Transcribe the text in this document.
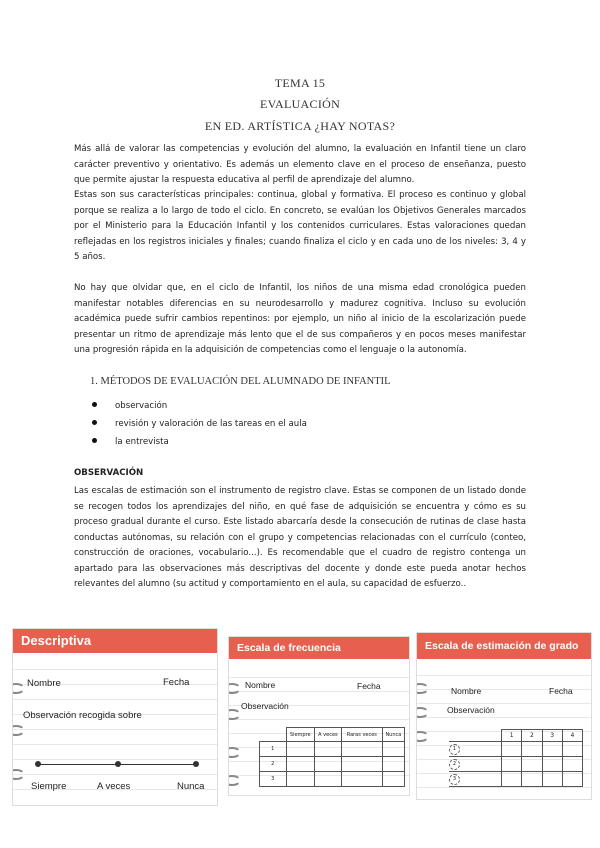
TEMA 15
EVALUACIÓN
EN ED. ARTÍSTICA ¿HAY NOTAS?
Más allá de valorar las competencias y evolución del alumno, la evaluación en Infantil tiene un claro carácter preventivo y orientativo. Es además un elemento clave en el proceso de enseñanza, puesto que permite ajustar la respuesta educativa al perfil de aprendizaje del alumno.
Estas son sus características principales: continua, global y formativa. El proceso es continuo y global porque se realiza a lo largo de todo el ciclo. En concreto, se evalúan los Objetivos Generales marcados por el Ministerio para la Educación Infantil y los contenidos curriculares. Estas valoraciones quedan reflejadas en los registros iniciales y finales; cuando finaliza el ciclo y en cada uno de los niveles: 3, 4 y 5 años.
No hay que olvidar que, en el ciclo de Infantil, los niños de una misma edad cronológica pueden manifestar notables diferencias en su neurodesarrollo y madurez cognitiva. Incluso su evolución académica puede sufrir cambios repentinos: por ejemplo, un niño al inicio de la escolarización puede presentar un ritmo de aprendizaje más lento que el de sus compañeros y en pocos meses manifestar una progresión rápida en la adquisición de competencias como el lenguaje o la autonomía.
1. MÉTODOS DE EVALUACIÓN DEL ALUMNADO DE INFANTIL
observación
revisión y valoración de las tareas en el aula
la entrevista
OBSERVACIÓN
Las escalas de estimación son el instrumento de registro clave. Estas se componen de un listado donde se recogen todos los aprendizajes del niño, en qué fase de adquisición se encuentra y cómo es su proceso gradual durante el curso. Este listado abarcaría desde la consecución de rutinas de clase hasta conductas autónomas, su relación con el grupo y competencias relacionadas con el currículo (conteo, construcción de oraciones, vocabulario...). Es recomendable que el cuadro de registro contenga un apartado para las observaciones más descriptivas del docente y donde este pueda anotar hechos relevantes del alumno (su actitud y comportamiento en el aula, su capacidad de esfuerzo..
Descriptiva
Nombre	Fecha
Observación recogida sobre
Siempre	A veces	Nunca
Escala de frecuencia
Nombre	Fecha
Observación
	Siempre	A veces	Raras veces	Nunca
1				
2				
3				
Escala de estimación de grado
Nombre	Fecha
Observación
	1	2	3	4
1				
2				
3				
